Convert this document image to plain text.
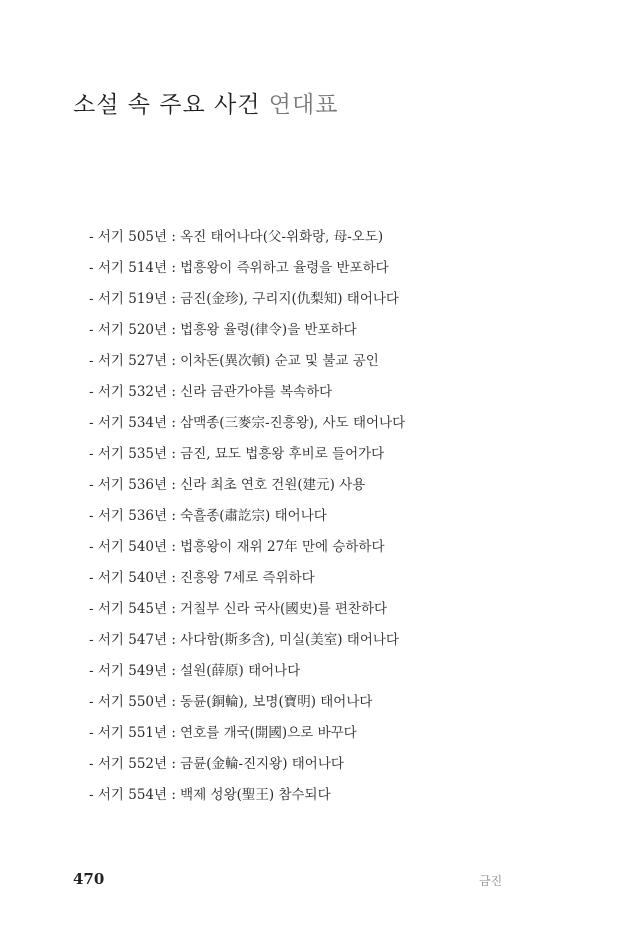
소설 속 주요 사건 연대표
- 서기 505년 : 옥진 태어나다(父-위화랑, 母-오도)
- 서기 514년 : 법흥왕이 즉위하고 율령을 반포하다
- 서기 519년 : 금진(金珍), 구리지(仇梨知) 태어나다
- 서기 520년 : 법흥왕 율령(律令)을 반포하다
- 서기 527년 : 이차돈(異次頓) 순교 및 불교 공인
- 서기 532년 : 신라 금관가야를 복속하다
- 서기 534년 : 삼맥종(三麥宗-진흥왕), 사도 태어나다
- 서기 535년 : 금진, 묘도 법흥왕 후비로 들어가다
- 서기 536년 : 신라 최초 연호 건원(建元) 사용
- 서기 536년 : 숙흘종(肅訖宗) 태어나다
- 서기 540년 : 법흥왕이 재위 27年 만에 승하하다
- 서기 540년 : 진흥왕 7세로 즉위하다
- 서기 545년 : 거칠부 신라 국사(國史)를 편찬하다
- 서기 547년 : 사다함(斯多含), 미실(美室) 태어나다
- 서기 549년 : 설원(薛原) 태어나다
- 서기 550년 : 동륜(銅輪), 보명(寶明) 태어나다
- 서기 551년 : 연호를 개국(開國)으로 바꾸다
- 서기 552년 : 금륜(金輪-진지왕) 태어나다
- 서기 554년 : 백제 성왕(聖王) 참수되다
470	금진
